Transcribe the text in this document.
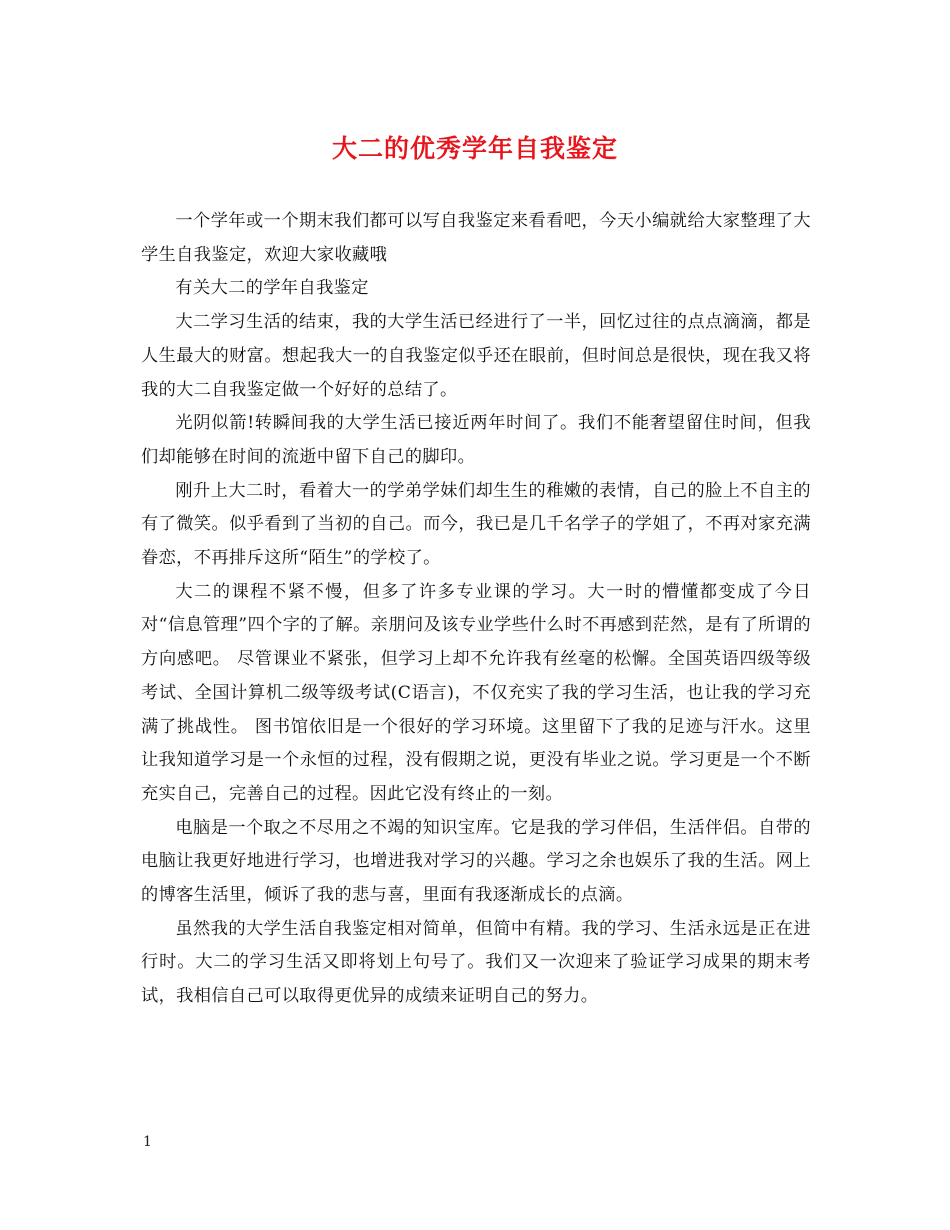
大二的优秀学年自我鉴定

一个学年或一个期末我们都可以写自我鉴定来看看吧，今天小编就给大家整理了大学生自我鉴定，欢迎大家收藏哦

有关大二的学年自我鉴定

大二学习生活的结束，我的大学生活已经进行了一半，回忆过往的点点滴滴，都是人生最大的财富。想起我大一的自我鉴定似乎还在眼前，但时间总是很快，现在我又将我的大二自我鉴定做一个好好的总结了。

光阴似箭!转瞬间我的大学生活已接近两年时间了。我们不能奢望留住时间，但我们却能够在时间的流逝中留下自己的脚印。

刚升上大二时，看着大一的学弟学妹们却生生的稚嫩的表情，自己的脸上不自主的有了微笑。似乎看到了当初的自己。而今，我已是几千名学子的学姐了，不再对家充满眷恋，不再排斥这所“陌生”的学校了。

大二的课程不紧不慢，但多了许多专业课的学习。大一时的懵懂都变成了今日对“信息管理”四个字的了解。亲朋问及该专业学些什么时不再感到茫然，是有了所谓的方向感吧。 尽管课业不紧张，但学习上却不允许我有丝毫的松懈。全国英语四级等级考试、全国计算机二级等级考试(C语言)，不仅充实了我的学习生活，也让我的学习充满了挑战性。 图书馆依旧是一个很好的学习环境。这里留下了我的足迹与汗水。这里让我知道学习是一个永恒的过程，没有假期之说，更没有毕业之说。学习更是一个不断充实自己，完善自己的过程。因此它没有终止的一刻。

电脑是一个取之不尽用之不竭的知识宝库。它是我的学习伴侣，生活伴侣。自带的电脑让我更好地进行学习，也增进我对学习的兴趣。学习之余也娱乐了我的生活。网上的博客生活里，倾诉了我的悲与喜，里面有我逐渐成长的点滴。

虽然我的大学生活自我鉴定相对简单，但简中有精。我的学习、生活永远是正在进行时。大二的学习生活又即将划上句号了。我们又一次迎来了验证学习成果的期末考试，我相信自己可以取得更优异的成绩来证明自己的努力。

1
